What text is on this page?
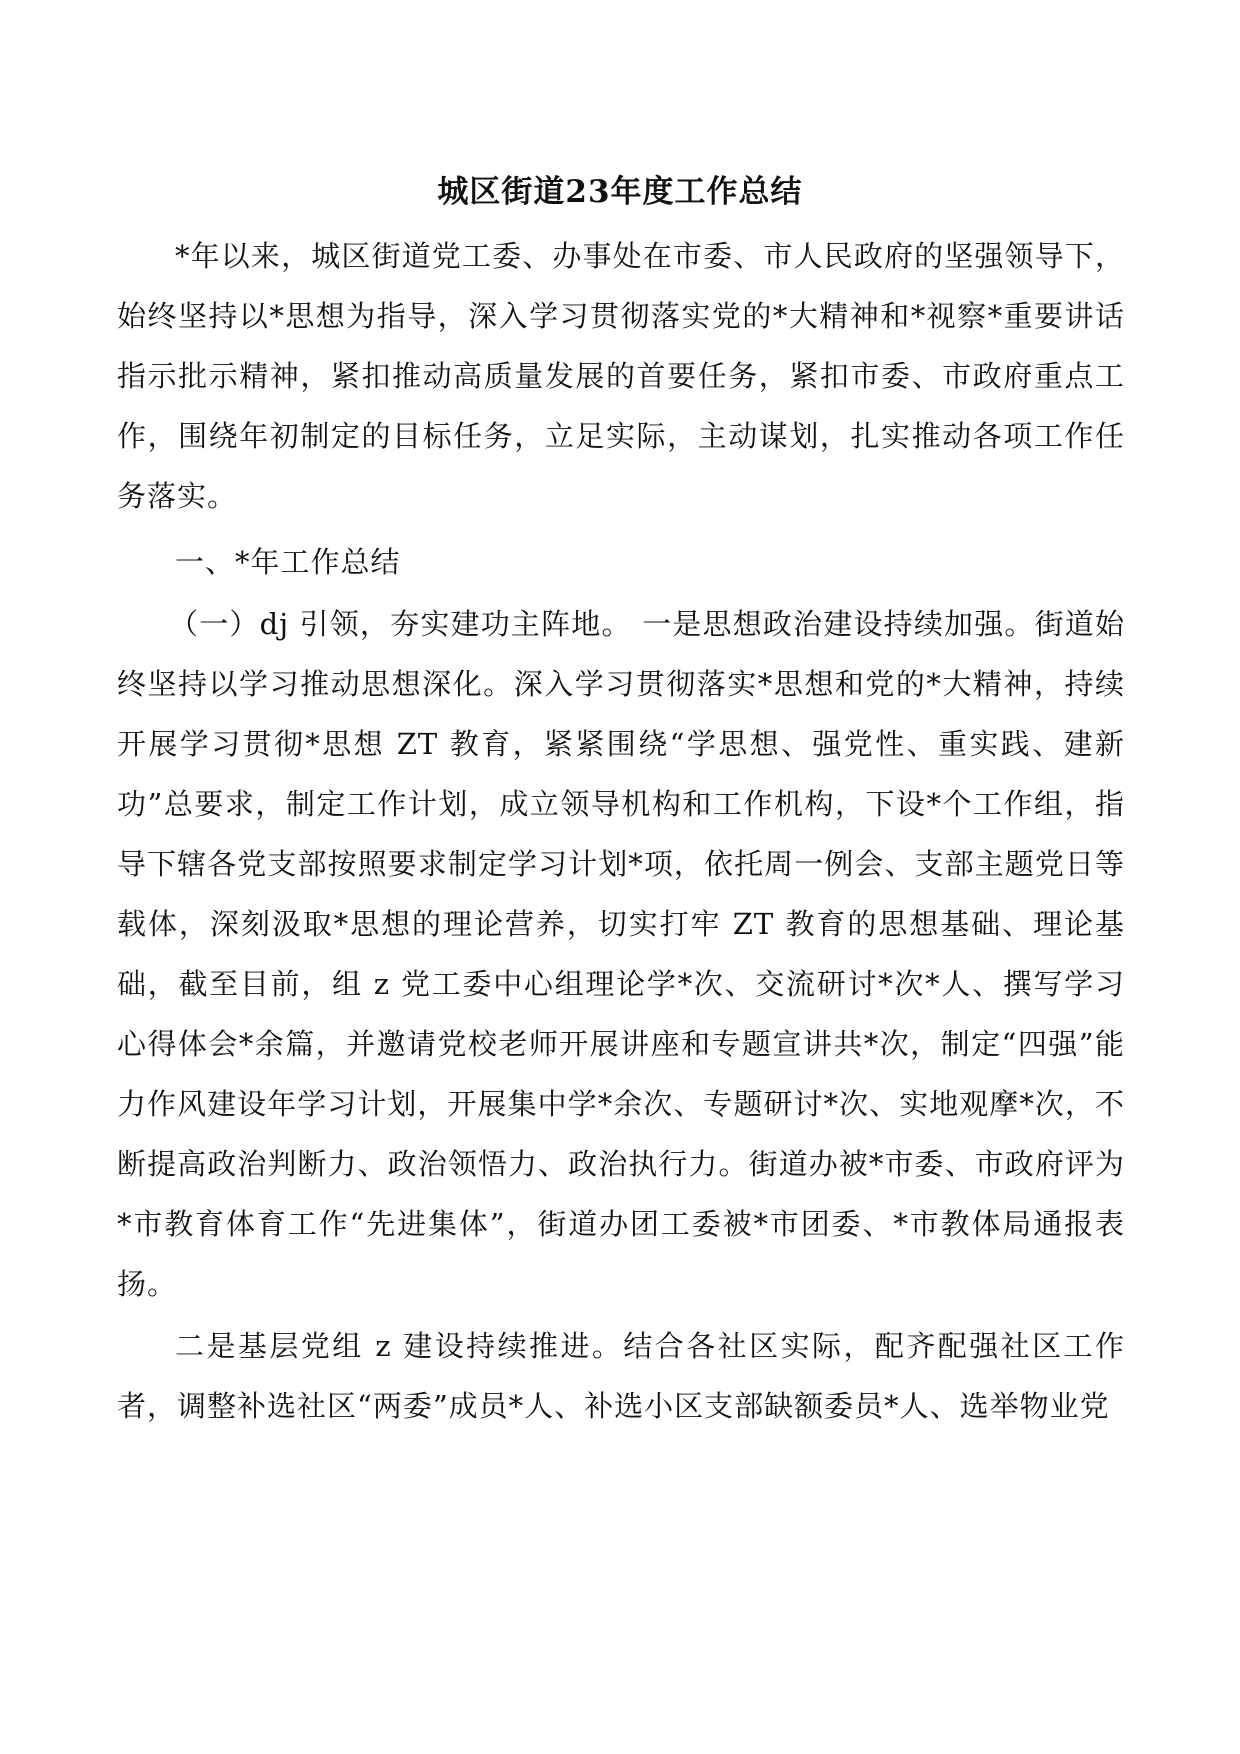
城区街道23年度工作总结

*年以来，城区街道党工委、办事处在市委、市人民政府的坚强领导下，始终坚持以*思想为指导，深入学习贯彻落实党的*大精神和*视察*重要讲话指示批示精神，紧扣推动高质量发展的首要任务，紧扣市委、市政府重点工作，围绕年初制定的目标任务，立足实际，主动谋划，扎实推动各项工作任务落实。

一、*年工作总结

（一）dj 引领，夯实建功主阵地。 一是思想政治建设持续加强。街道始终坚持以学习推动思想深化。深入学习贯彻落实*思想和党的*大精神，持续开展学习贯彻*思想 ZT 教育，紧紧围绕“学思想、强党性、重实践、建新功”总要求，制定工作计划，成立领导机构和工作机构，下设*个工作组，指导下辖各党支部按照要求制定学习计划*项，依托周一例会、支部主题党日等载体，深刻汲取*思想的理论营养，切实打牢 ZT 教育的思想基础、理论基础，截至目前，组 z 党工委中心组理论学*次、交流研讨*次*人、撰写学习心得体会*余篇，并邀请党校老师开展讲座和专题宣讲共*次，制定“四强”能力作风建设年学习计划，开展集中学*余次、专题研讨*次、实地观摩*次，不断提高政治判断力、政治领悟力、政治执行力。街道办被*市委、市政府评为*市教育体育工作“先进集体”，街道办团工委被*市团委、*市教体局通报表扬。

二是基层党组 z 建设持续推进。结合各社区实际，配齐配强社区工作者，调整补选社区“两委”成员*人、补选小区支部缺额委员*人、选举物业党
